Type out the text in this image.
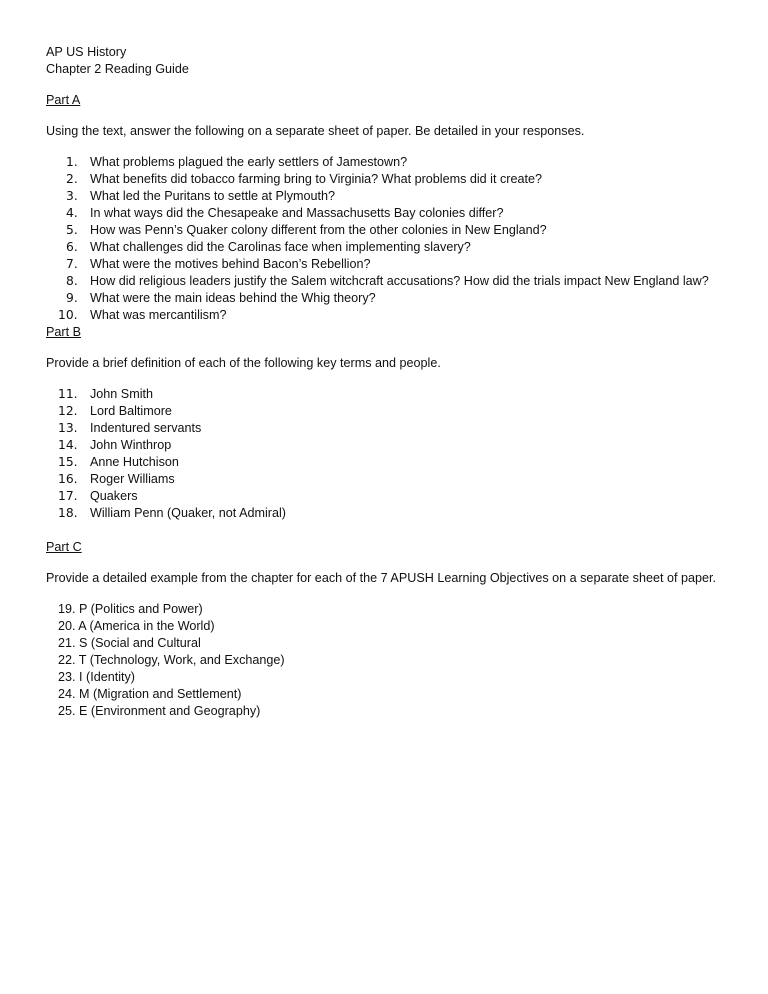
AP US History

Chapter 2 Reading Guide

Part A

Using the text, answer the following on a separate sheet of paper. Be detailed in your responses.

1. What problems plagued the early settlers of Jamestown?
2. What benefits did tobacco farming bring to Virginia? What problems did it create?
3. What led the Puritans to settle at Plymouth?
4. In what ways did the Chesapeake and Massachusetts Bay colonies differ?
5. How was Penn’s Quaker colony different from the other colonies in New England?
6. What challenges did the Carolinas face when implementing slavery?
7. What were the motives behind Bacon’s Rebellion?
8. How did religious leaders justify the Salem witchcraft accusations? How did the trials impact New England law?
9. What were the main ideas behind the Whig theory?
10. What was mercantilism?

Part B

Provide a brief definition of each of the following key terms and people.

11. John Smith
12. Lord Baltimore
13. Indentured servants
14. John Winthrop
15. Anne Hutchison
16. Roger Williams
17. Quakers
18. William Penn (Quaker, not Admiral)

Part C

Provide a detailed example from the chapter for each of the 7 APUSH Learning Objectives on a separate sheet of paper.

19. P (Politics and Power)
20. A (America in the World)
21. S (Social and Cultural
22. T (Technology, Work, and Exchange)
23. I (Identity)
24. M (Migration and Settlement)
25. E (Environment and Geography)
